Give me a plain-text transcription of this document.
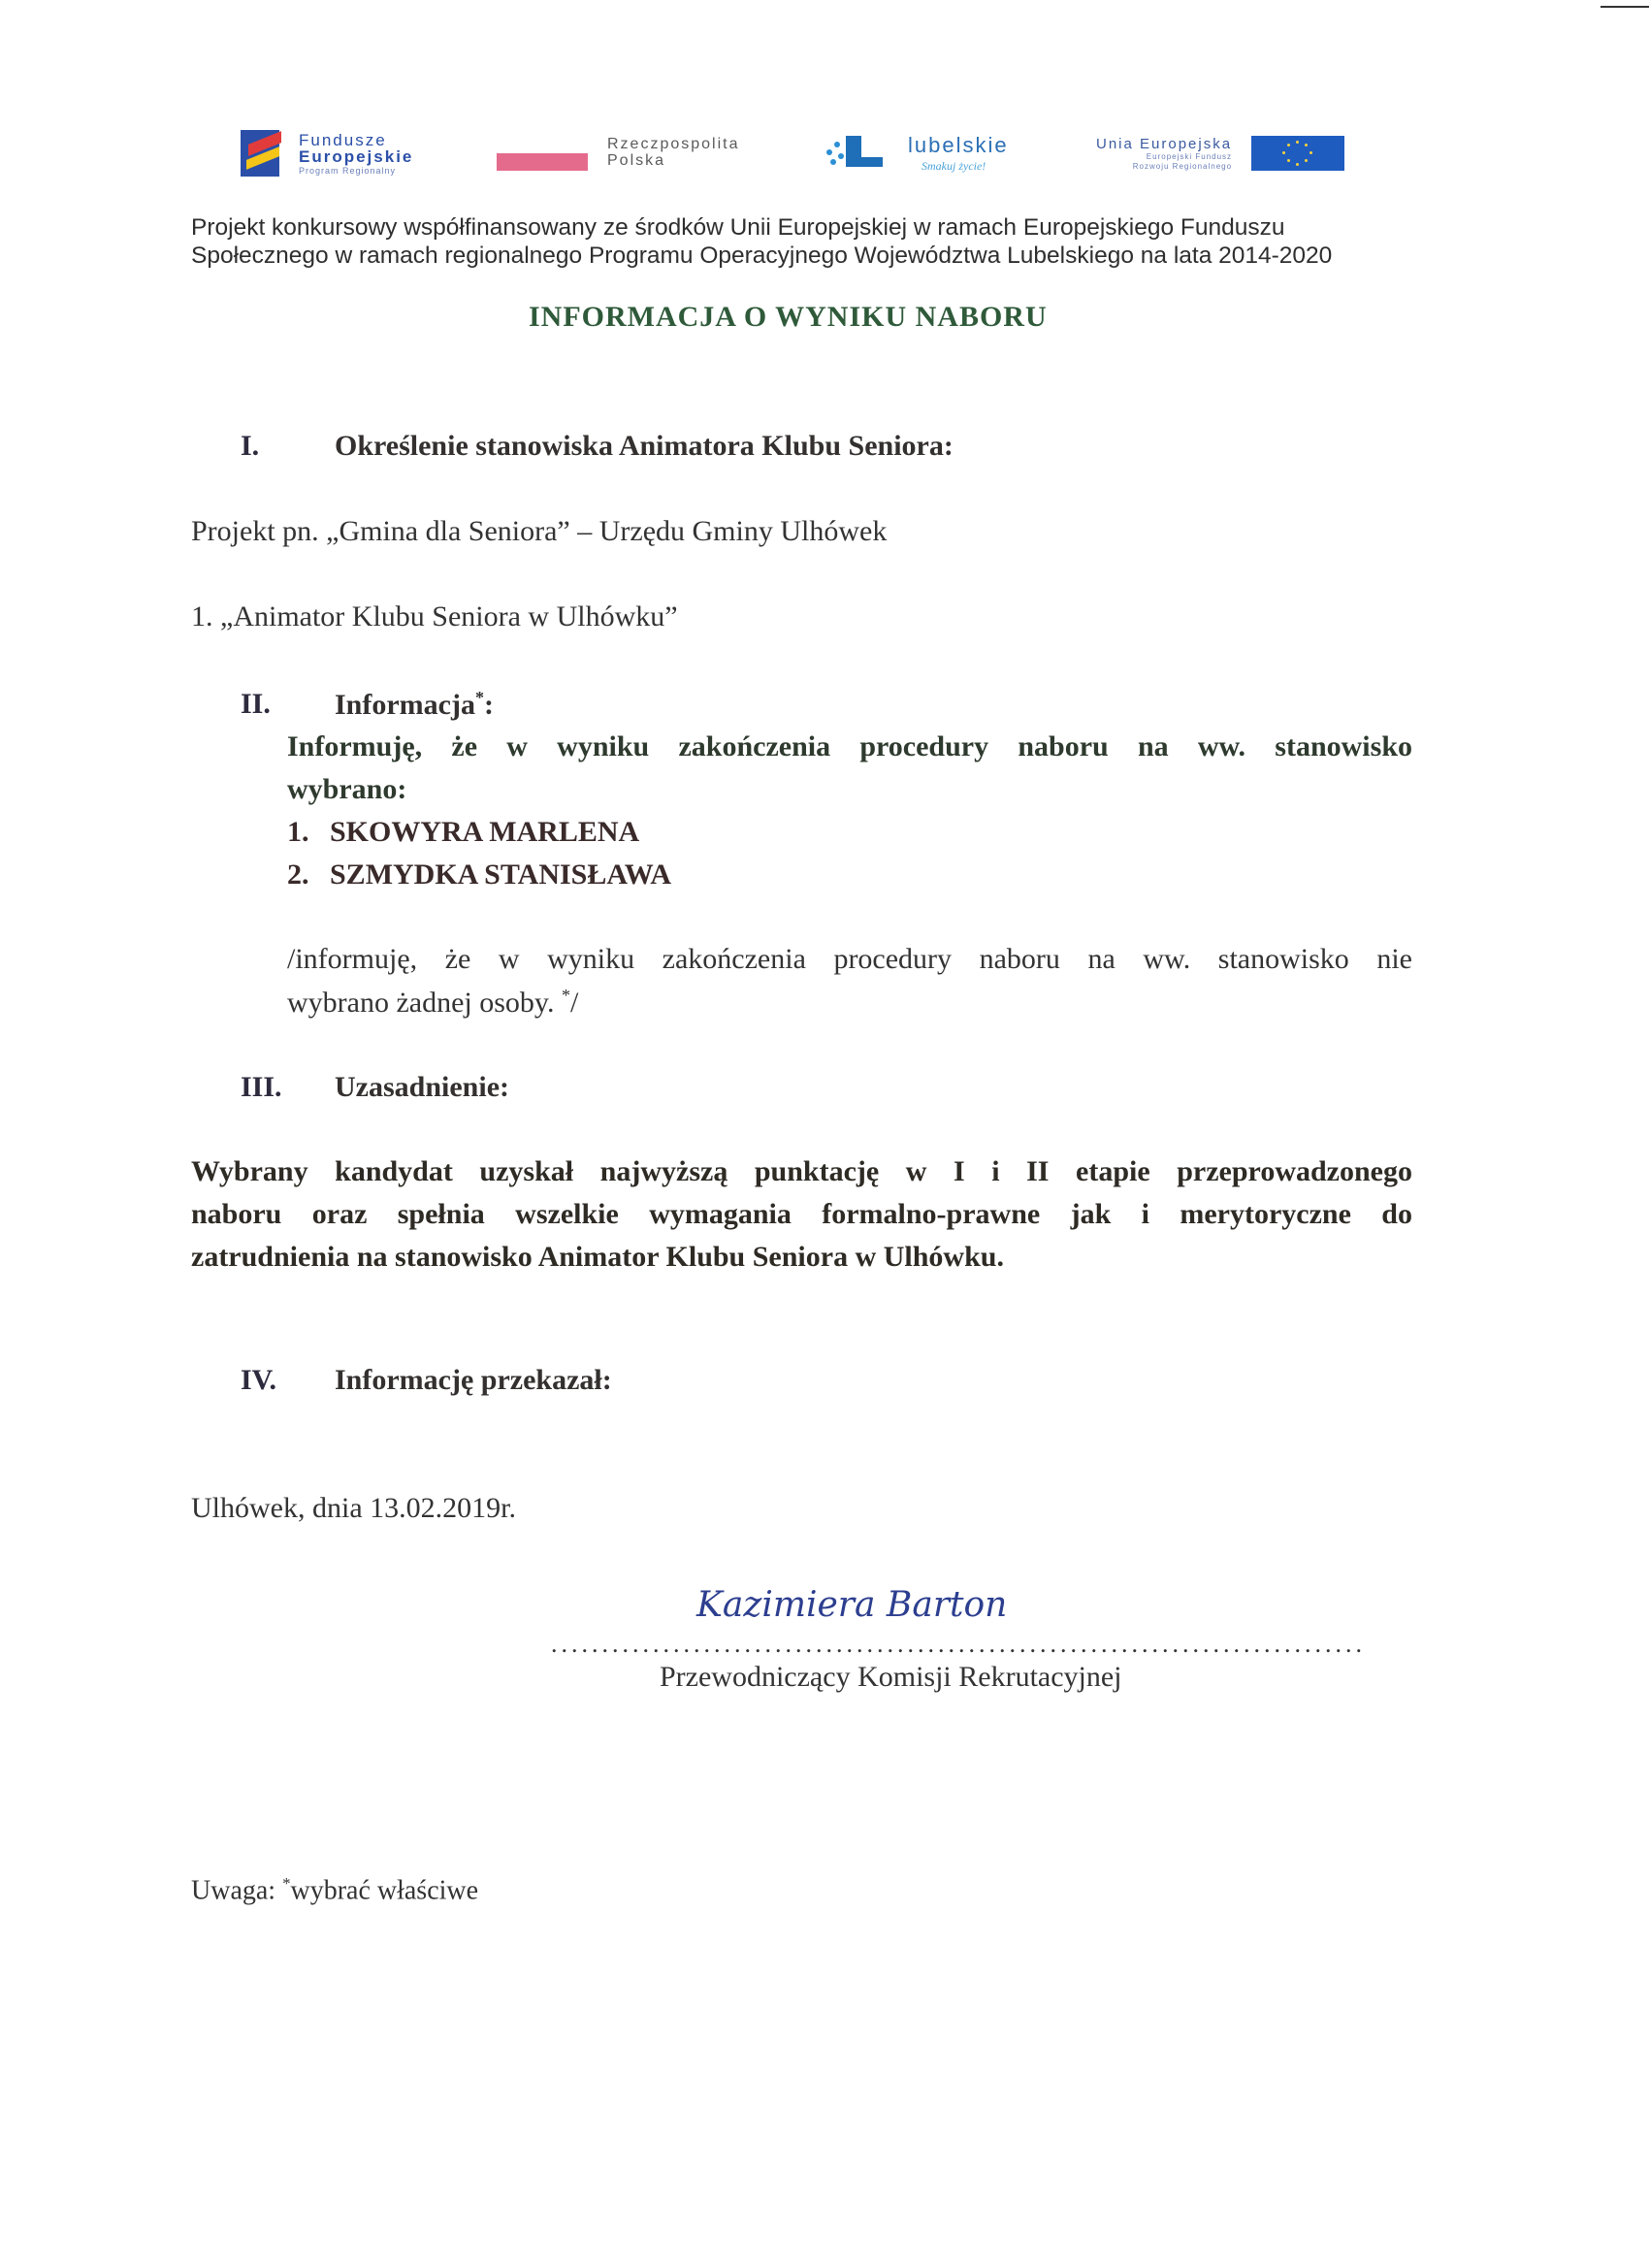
Fundusze
Europejskie
Program Regionalny
Rzeczpospolita
Polska
lubelskie
Smakuj życie!
Unia Europejska
Europejski Fundusz
Rozwoju Regionalnego
Projekt konkursowy współfinansowany ze środków Unii Europejskiej w ramach Europejskiego Funduszu
Społecznego w ramach regionalnego Programu Operacyjnego Województwa Lubelskiego na lata 2014-2020
INFORMACJA O WYNIKU NABORU
I.	Określenie stanowiska Animatora Klubu Seniora:
Projekt pn. „Gmina dla Seniora” – Urzędu Gminy Ulhówek
1. „Animator Klubu Seniora w Ulhówku”
II. Informacja*:
Informuję, że w wyniku zakończenia procedury naboru na ww. stanowisko
wybrano:
1. SKOWYRA MARLENA
2. SZMYDKA STANISŁAWA
/informuję, że w wyniku zakończenia procedury naboru na ww. stanowisko nie
wybrano żadnej osoby. */
III. Uzasadnienie:
Wybrany kandydat uzyskał najwyższą punktację w I i II etapie przeprowadzonego
naboru oraz spełnia wszelkie wymagania formalno-prawne jak i merytoryczne do
zatrudnienia na stanowisko Animator Klubu Seniora w Ulhówku.
IV. Informację przekazał:
Ulhówek, dnia 13.02.2019r.
Kazimiera Barton
................................................................................
Przewodniczący Komisji Rekrutacyjnej
Uwaga: *wybrać właściwe
